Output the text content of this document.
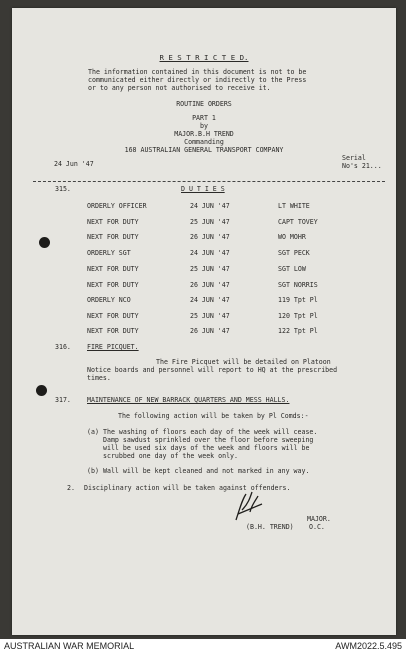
R E S T R I C T E D.
The information contained in this document is not to be
communicated either directly or indirectly to the Press
or to any person not authorised to receive it.
ROUTINE ORDERS
PART 1
by
MAJOR.B.H TREND
Commanding
168 AUSTRALIAN GENERAL TRANSPORT COMPANY
24 Jun '47
Serial
No's 21...
315.	D U T I E S
ORDERLY OFFICER	24 JUN '47	LT WHITE
NEXT FOR DUTY	25 JUN '47	CAPT TOVEY
NEXT FOR DUTY	26 JUN '47	WO MOHR
ORDERLY SGT	24 JUN '47	SGT PECK
NEXT FOR DUTY	25 JUN '47	SGT LOW
NEXT FOR DUTY	26 JUN '47	SGT NORRIS
ORDERLY NCO	24 JUN '47	119 Tpt Pl
NEXT FOR DUTY	25 JUN '47	120 Tpt Pl
NEXT FOR DUTY	26 JUN '47	122 Tpt Pl
316. FIRE PICQUET.
The Fire Picquet will be detailed on Platoon
Notice boards and personnel will report to HQ at the prescribed
times.
317. MAINTENANCE OF NEW BARRACK QUARTERS AND MESS HALLS.
The following action will be taken by Pl Comds:-
(a) The washing of floors each day of the week will cease.
Damp sawdust sprinkled over the floor before sweeping
will be used six days of the week and floors will be
scrubbed one day of the week only.
(b) Wall will be kept cleaned and not marked in any way.
2. Disciplinary action will be taken against offenders.
MAJOR.
(B.H. TREND) O.C.
AUSTRALIAN WAR MEMORIAL	AWM2022.5.495
